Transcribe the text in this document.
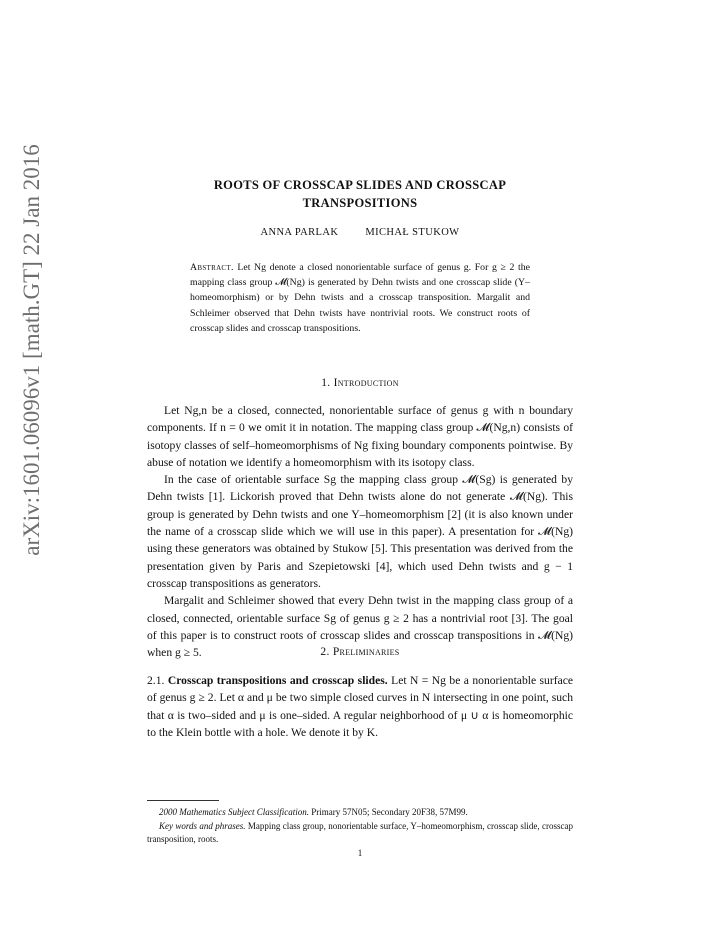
arXiv:1601.06096v1 [math.GT] 22 Jan 2016	ROOTS OF CROSSCAP SLIDES AND CROSSCAP
TRANSPOSITIONS
ANNA PARLAK	MICHAŁ STUKOW
Abstract. Let Ng denote a closed nonorientable surface of genus g. For g ≥ 2 the mapping class group 𝓜(Ng) is generated by Dehn twists and one crosscap slide (Y–homeomorphism) or by Dehn twists and a crosscap transposition. Margalit and Schleimer observed that Dehn twists have nontrivial roots. We construct roots of crosscap slides and crosscap transpositions.
1. Introduction

Let Ng,n be a closed, connected, nonorientable surface of genus g with n boundary components. If n = 0 we omit it in notation. The mapping class group 𝓜(Ng,n) consists of isotopy classes of self–homeomorphisms of Ng fixing boundary components pointwise. By abuse of notation we identify a homeomorphism with its isotopy class.

In the case of orientable surface Sg the mapping class group 𝓜(Sg) is generated by Dehn twists [1]. Lickorish proved that Dehn twists alone do not generate 𝓜(Ng). This group is generated by Dehn twists and one Y–homeomorphism [2] (it is also known under the name of a crosscap slide which we will use in this paper). A presentation for 𝓜(Ng) using these generators was obtained by Stukow [5]. This presentation was derived from the presentation given by Paris and Szepietowski [4], which used Dehn twists and g − 1 crosscap transpositions as generators.

Margalit and Schleimer showed that every Dehn twist in the mapping class group of a closed, connected, orientable surface Sg of genus g ≥ 2 has a nontrivial root [3]. The goal of this paper is to construct roots of crosscap slides and crosscap transpositions in 𝓜(Ng) when g ≥ 5.	2. Preliminaries

2.1. Crosscap transpositions and crosscap slides. Let N = Ng be a nonorientable surface of genus g ≥ 2. Let α and μ be two simple closed curves in N intersecting in one point, such that α is two–sided and μ is one–sided. A regular neighborhood of μ ∪ α is homeomorphic to the Klein bottle with a hole. We denote it by K.

2000 Mathematics Subject Classification. Primary 57N05; Secondary 20F38, 57M99.
Key words and phrases. Mapping class group, nonorientable surface, Y–homeomorphism, crosscap slide, crosscap transposition, roots.
1
